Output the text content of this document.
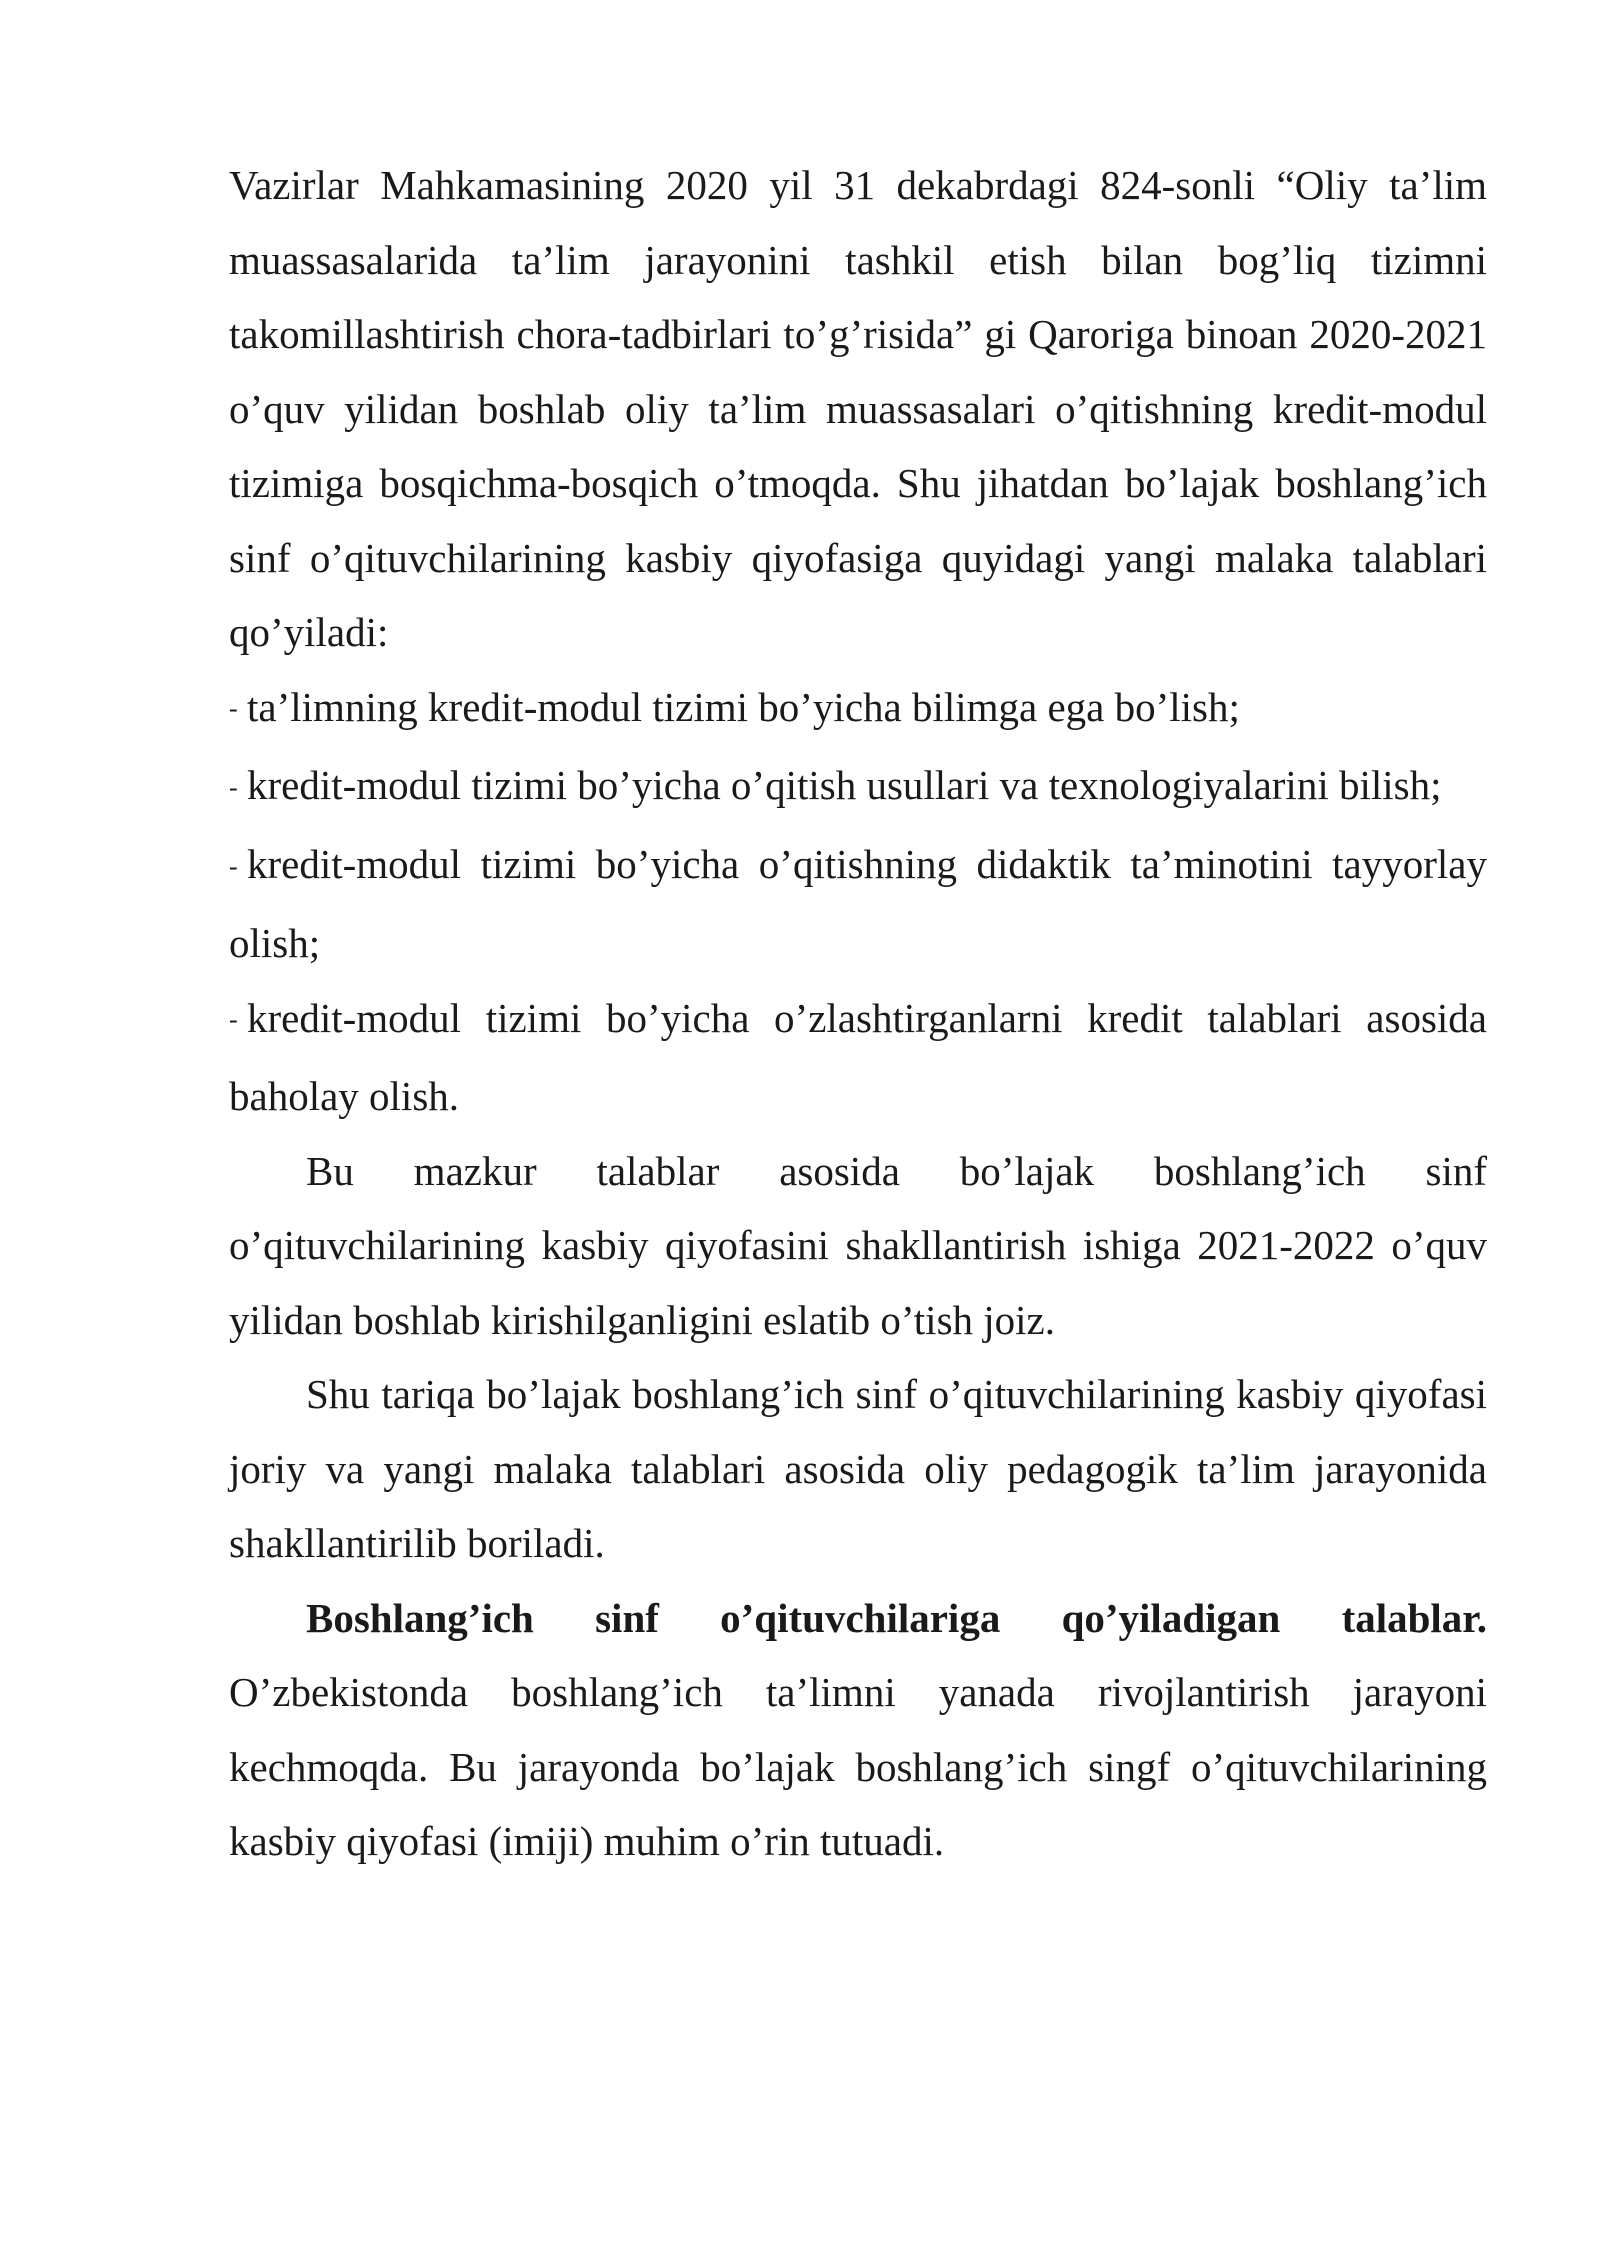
Vazirlar Mahkamasining 2020 yil 31 dekabrdagi 824-sonli “Oliy ta’lim muassasalarida ta’lim jarayonini tashkil etish bilan bog’liq tizimni takomillashtirish chora-tadbirlari to’g’risida” gi Qaroriga binoan 2020-2021 o’quv yilidan boshlab oliy ta’lim muassasalari o’qitishning kredit-modul tizimiga bosqichma-bosqich o’tmoqda. Shu jihatdan bo’lajak boshlang’ich sinf o’qituvchilarining kasbiy qiyofasiga quyidagi yangi malaka talablari qo’yiladi:

- ta’limning kredit-modul tizimi bo’yicha bilimga ega bo’lish;

- kredit-modul tizimi bo’yicha o’qitish usullari va texnologiyalarini bilish;

- kredit-modul tizimi bo’yicha o’qitishning didaktik ta’minotini tayyorlay olish;

- kredit-modul tizimi bo’yicha o’zlashtirganlarni kredit talablari asosida baholay olish.

Bu mazkur talablar asosida bo’lajak boshlang’ich sinf o’qituvchilarining kasbiy qiyofasini shakllantirish ishiga 2021-2022 o’quv yilidan boshlab kirishilganligini eslatib o’tish joiz.

Shu tariqa bo’lajak boshlang’ich sinf o’qituvchilarining kasbiy qiyofasi joriy va yangi malaka talablari asosida oliy pedagogik ta’lim jarayonida shakllantirilib boriladi.

Boshlang’ich sinf o’qituvchilariga qo’yiladigan talablar. O’zbekistonda boshlang’ich ta’limni yanada rivojlantirish jarayoni kechmoqda. Bu jarayonda bo’lajak boshlang’ich singf o’qituvchilarining kasbiy qiyofasi (imiji) muhim o’rin tutuadi.
